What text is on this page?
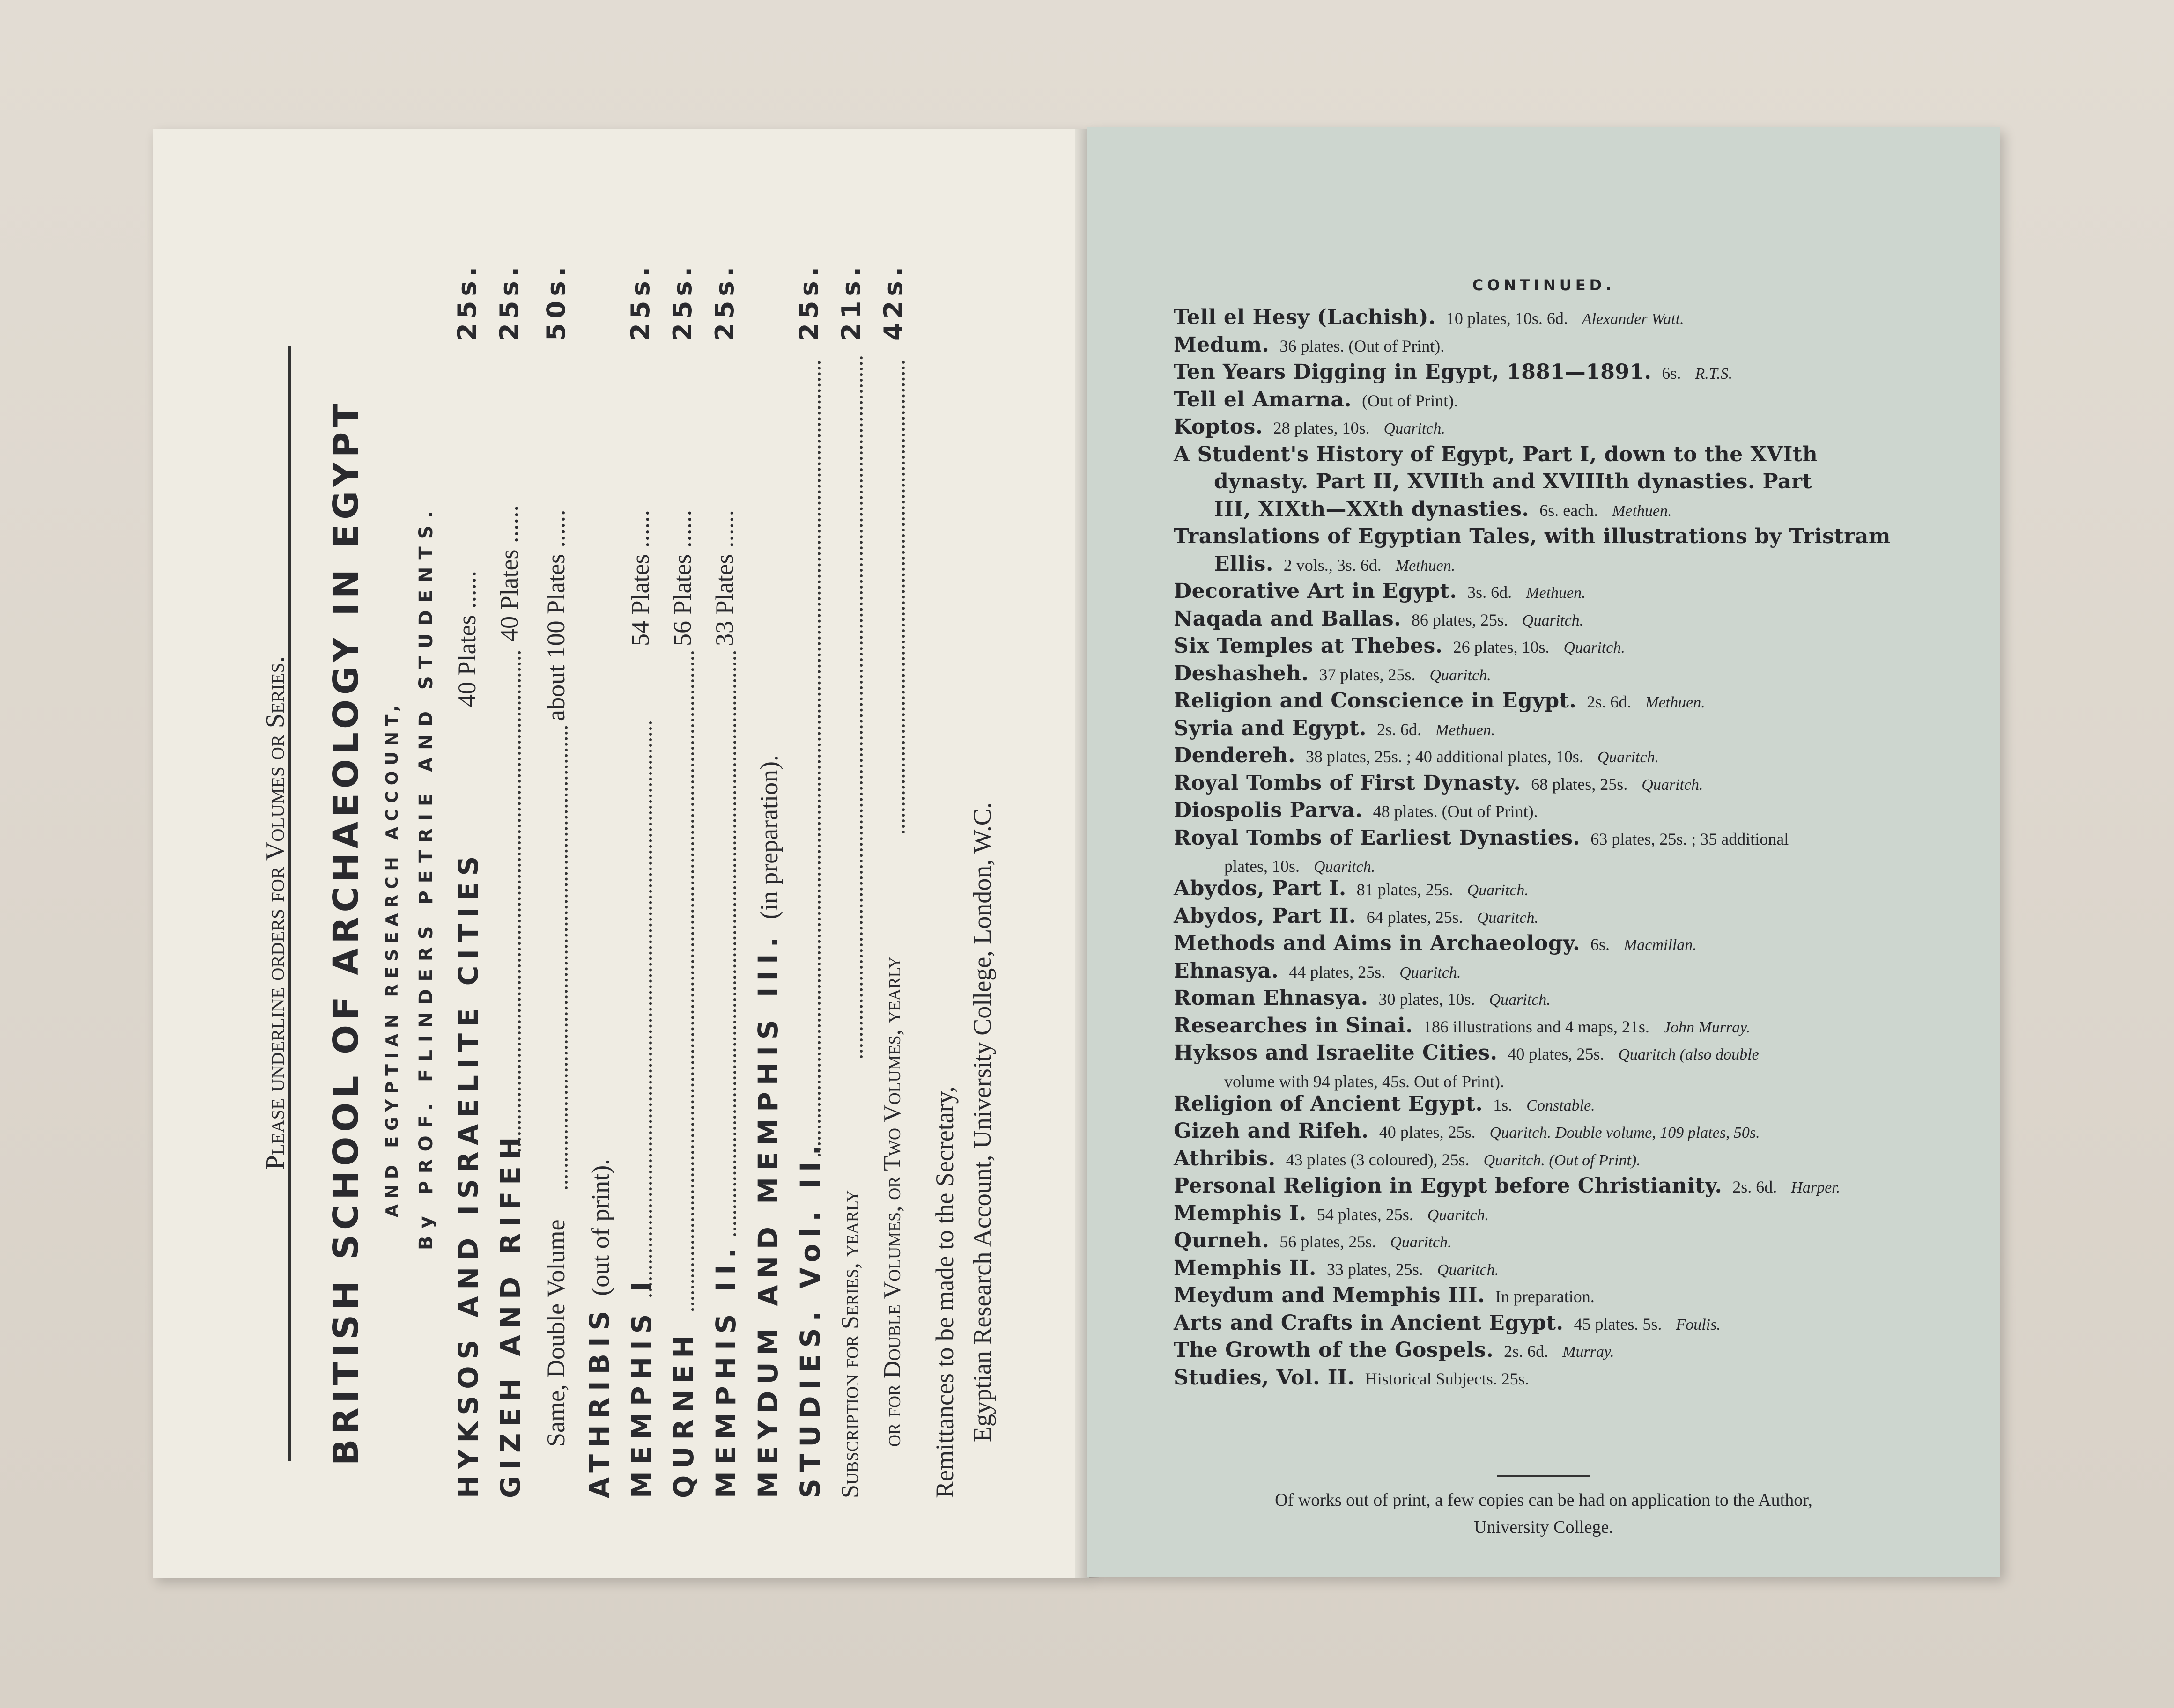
Please underline orders for Volumes or Series. BRITISH SCHOOL OF ARCHAEOLOGY IN EGYPT AND EGYPTIAN RESEARCH ACCOUNT, By PROF. FLINDERS PETRIE AND STUDENTS. HYKSOS AND ISRAELITE CITIES
40 Plates ......
25s.
GIZEH AND RIFEH
40 Plates ......
25s.
Same, Double Volume
about 100 Plates ......
50s.
ATHRIBIS (out of print).
MEMPHIS I
54 Plates ......
25s.
QURNEH
56 Plates ......
25s.
MEMPHIS II.
33 Plates ......
25s.
MEYDUM AND MEMPHIS III. (in preparation).
STUDIES. Vol. II.
25s.
Subscription for Series, yearly
21s.
or for Double Volumes, or Two Volumes, yearly
42s.
Remittances to be made to the Secretary, Egyptian Research Account, University College, London, W.C.
CONTINUED.
Tell el Hesy (Lachish). 10 plates, 10s. 6d. Alexander Watt.
Medum. 36 plates. (Out of Print).
Ten Years Digging in Egypt, 1881—1891. 6s. R.T.S.
Tell el Amarna. (Out of Print).
Koptos. 28 plates, 10s. Quaritch.
A Student's History of Egypt, Part I, down to the XVIth
dynasty. Part II, XVIIth and XVIIIth dynasties. Part
III, XIXth—XXth dynasties. 6s. each. Methuen.
Translations of Egyptian Tales, with illustrations by Tristram
Ellis. 2 vols., 3s. 6d. Methuen.
Decorative Art in Egypt. 3s. 6d. Methuen.
Naqada and Ballas. 86 plates, 25s. Quaritch.
Six Temples at Thebes. 26 plates, 10s. Quaritch.
Deshasheh. 37 plates, 25s. Quaritch.
Religion and Conscience in Egypt. 2s. 6d. Methuen.
Syria and Egypt. 2s. 6d. Methuen.
Dendereh. 38 plates, 25s. ; 40 additional plates, 10s. Quaritch.
Royal Tombs of First Dynasty. 68 plates, 25s. Quaritch.
Diospolis Parva. 48 plates. (Out of Print).
Royal Tombs of Earliest Dynasties. 63 plates, 25s. ; 35 additional
plates, 10s. Quaritch.
Abydos, Part I. 81 plates, 25s. Quaritch.
Abydos, Part II. 64 plates, 25s. Quaritch.
Methods and Aims in Archaeology. 6s. Macmillan.
Ehnasya. 44 plates, 25s. Quaritch.
Roman Ehnasya. 30 plates, 10s. Quaritch.
Researches in Sinai. 186 illustrations and 4 maps, 21s. John Murray.
Hyksos and Israelite Cities. 40 plates, 25s. Quaritch (also double
volume with 94 plates, 45s. Out of Print).
Religion of Ancient Egypt. 1s. Constable.
Gizeh and Rifeh. 40 plates, 25s. Quaritch. Double volume, 109 plates, 50s.
Athribis. 43 plates (3 coloured), 25s. Quaritch. (Out of Print).
Personal Religion in Egypt before Christianity. 2s. 6d. Harper.
Memphis I. 54 plates, 25s. Quaritch.
Qurneh. 56 plates, 25s. Quaritch.
Memphis II. 33 plates, 25s. Quaritch.
Meydum and Memphis III. In preparation.
Arts and Crafts in Ancient Egypt. 45 plates. 5s. Foulis.
The Growth of the Gospels. 2s. 6d. Murray.
Studies, Vol. II. Historical Subjects. 25s.
Of works out of print, a few copies can be had on application to the Author,
University College.
